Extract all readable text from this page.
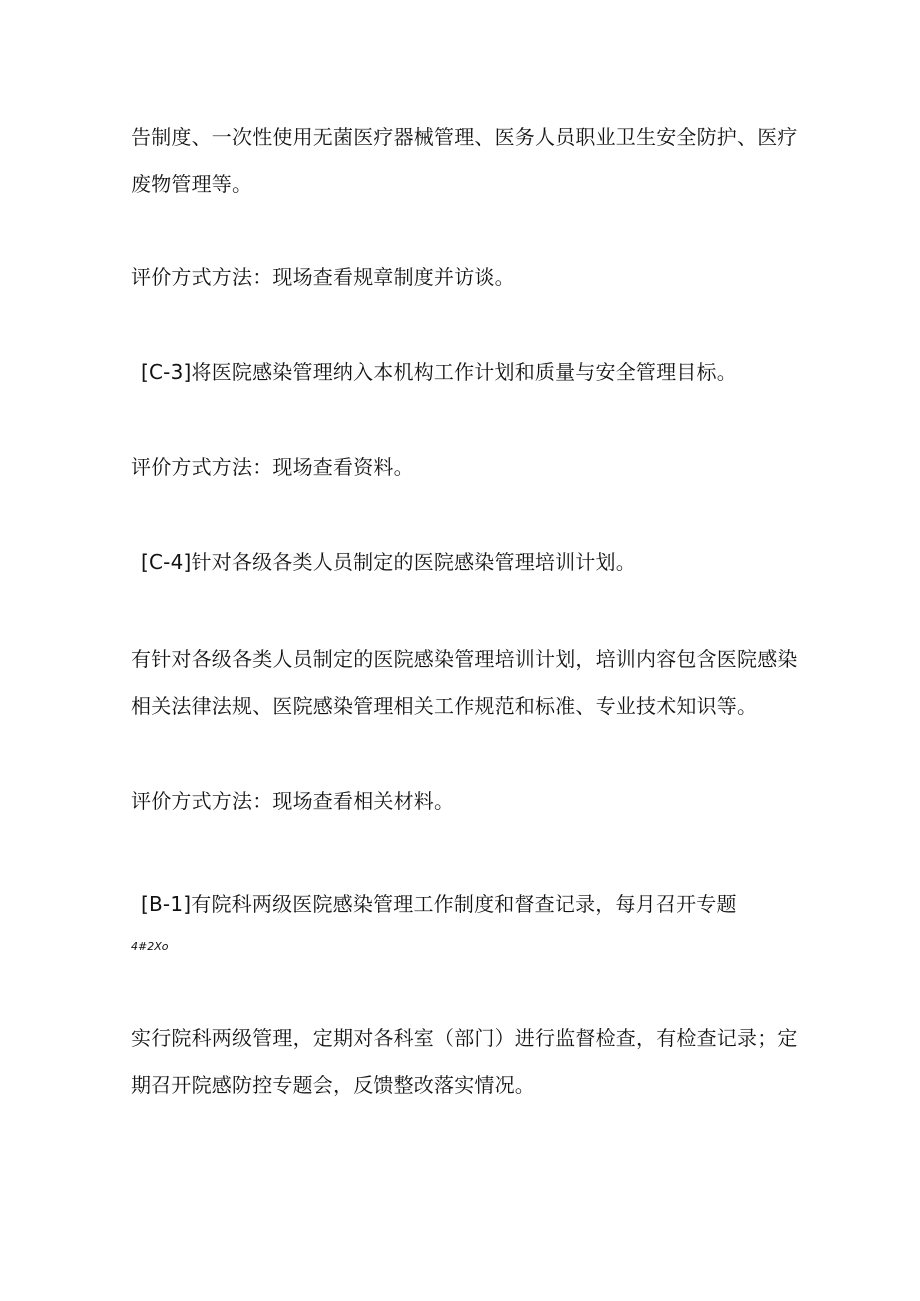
告制度、一次性使用无菌医疗器械管理、医务人员职业卫生安全防护、医疗
废物管理等。
评价方式方法：现场查看规章制度并访谈。
[C-3]将医院感染管理纳入本机构工作计划和质量与安全管理目标。
评价方式方法：现场查看资料。
[C-4]针对各级各类人员制定的医院感染管理培训计划。
有针对各级各类人员制定的医院感染管理培训计划，培训内容包含医院感染
相关法律法规、医院感染管理相关工作规范和标准、专业技术知识等。
评价方式方法：现场查看相关材料。
[B-1]有院科两级医院感染管理工作制度和督查记录，每月召开专题
4#2Xo
实行院科两级管理，定期对各科室（部门）进行监督检查，有检查记录；定
期召开院感防控专题会，反馈整改落实情况。
